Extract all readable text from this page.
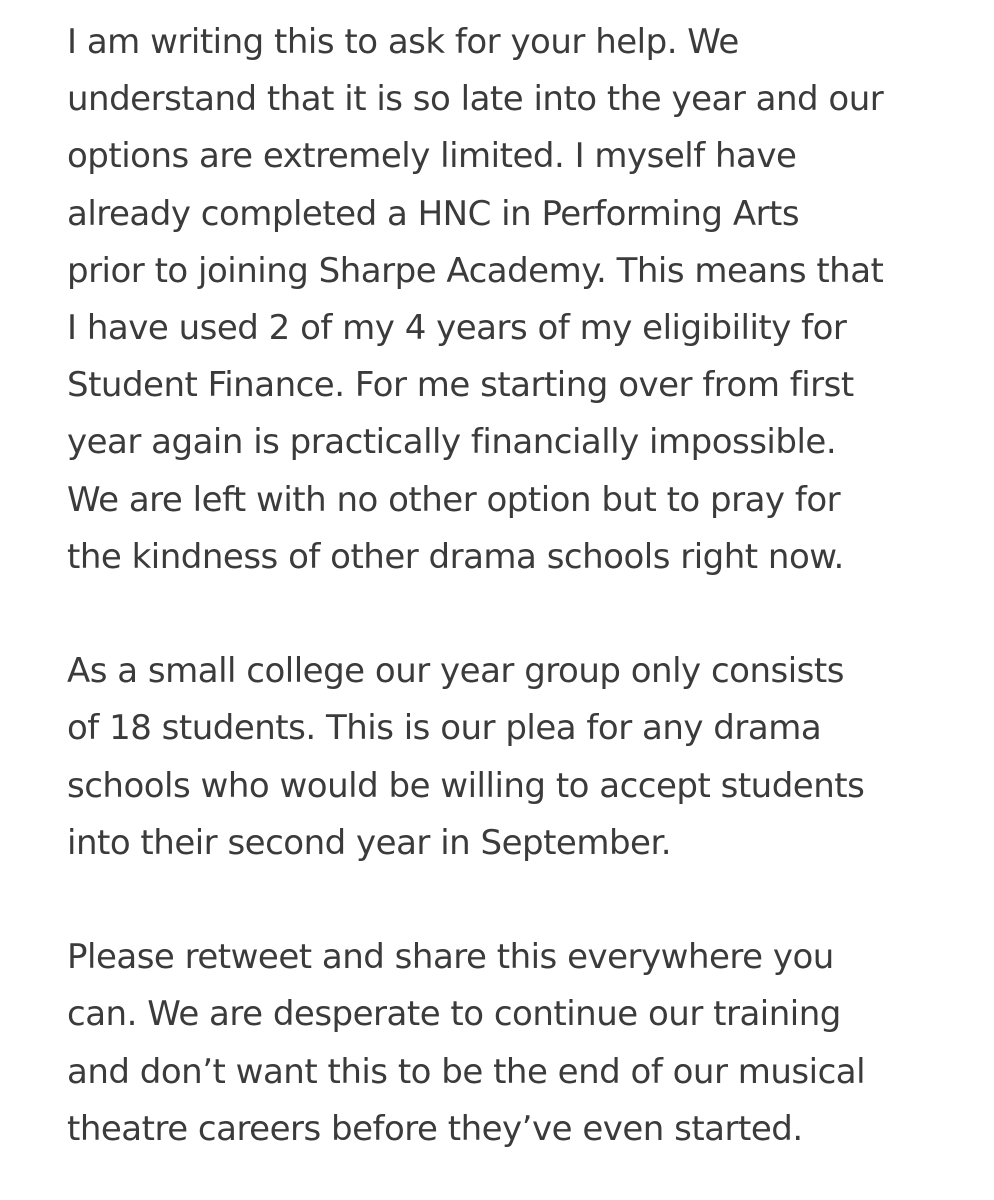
I am writing this to ask for your help. We
understand that it is so late into the year and our
options are extremely limited. I myself have
already completed a HNC in Performing Arts
prior to joining Sharpe Academy. This means that
I have used 2 of my 4 years of my eligibility for
Student Finance. For me starting over from first
year again is practically financially impossible.
We are left with no other option but to pray for
the kindness of other drama schools right now.

As a small college our year group only consists
of 18 students. This is our plea for any drama
schools who would be willing to accept students
into their second year in September.

Please retweet and share this everywhere you
can. We are desperate to continue our training
and don’t want this to be the end of our musical
theatre careers before they’ve even started.
